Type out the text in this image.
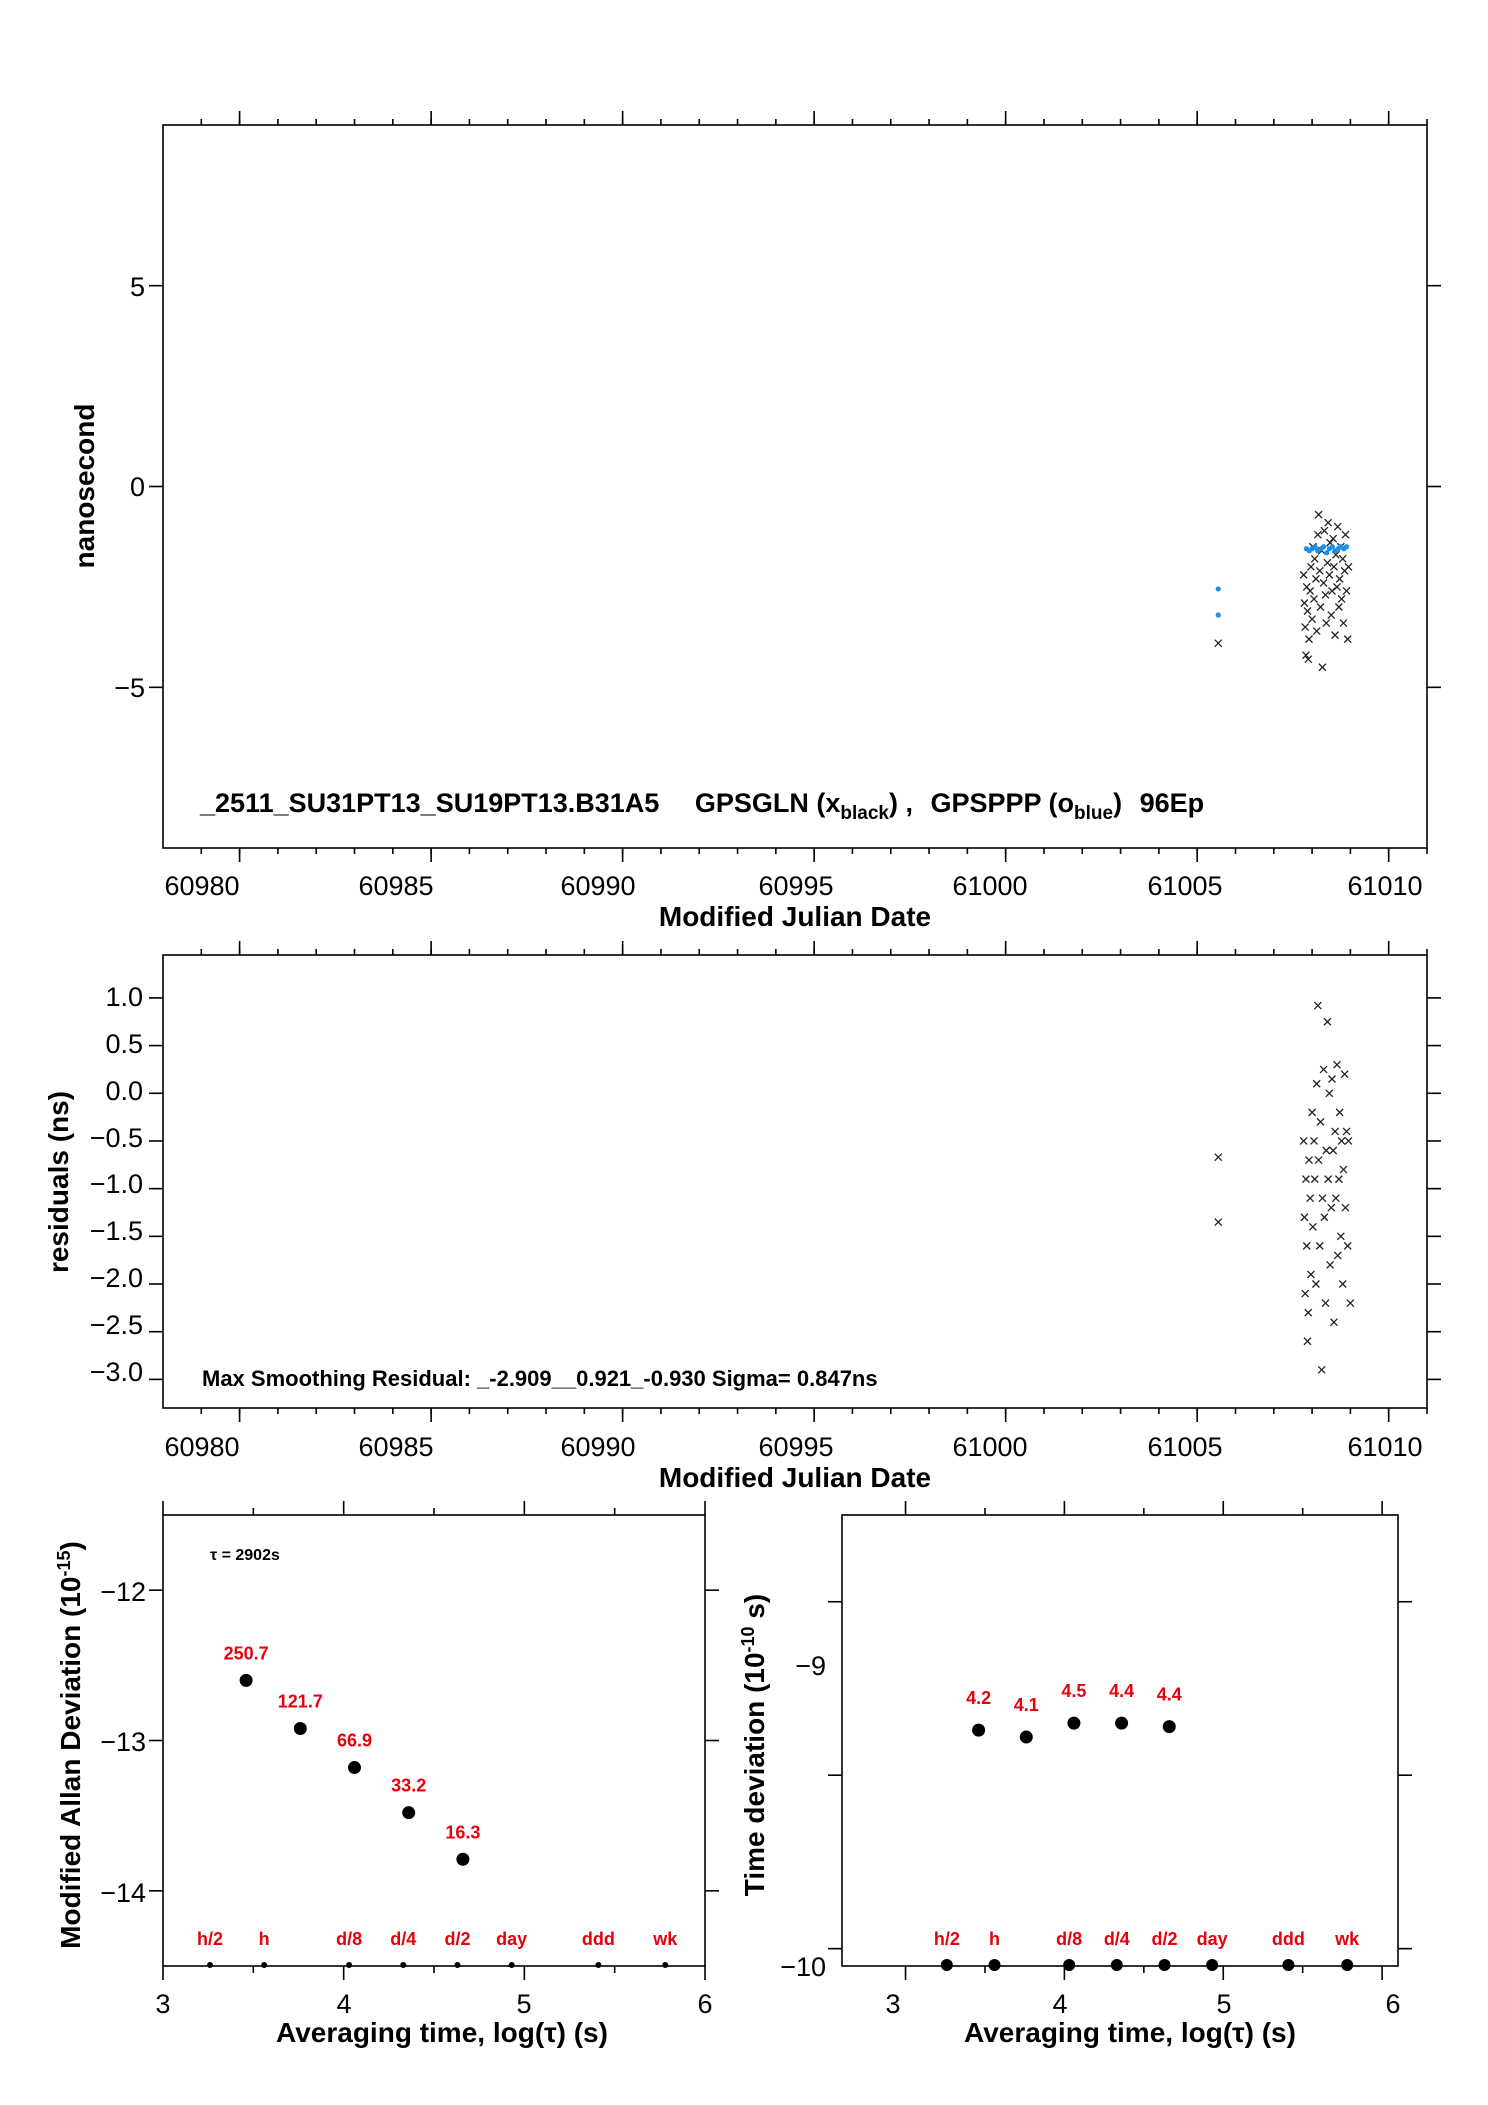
5
0
−5
60980	60985	60990	60995	61000	61005	61010
Modified Julian Date
nanosecond
_2511_SU31PT13_SU19PT13.B31A5 GPSGLN $(x_{black})$ , GPSPPP $(o_{blue})$ 96Ep
1.0
0.5
0.0
−0.5
−1.0
−1.5
−2.0
−2.5
−3.0
60980	60985	60990	60995	61000	61005	61010
Modified Julian Date
residuals (ns)
Max Smoothing Residual: _-2.909__0.921_-0.930 Sigma= 0.847ns
250.7
121.7
66.9
33.2
16.3
h/2 h	d/8 d/4 d/2 day	ddd wk
−12
−13
−14
3	4	5	6
Averaging time, log(τ) (s)
Modified Allan Deviation $(10^{-15})$
τ = 2902s
4.2 4.1
4.5 4.4 4.4
h/2 h	d/8 d/4 d/2 day ddd wk
−9
−10
3	4	5	6
Averaging time, log(τ) (s)
Time deviation ($10^{-10}$ s)
